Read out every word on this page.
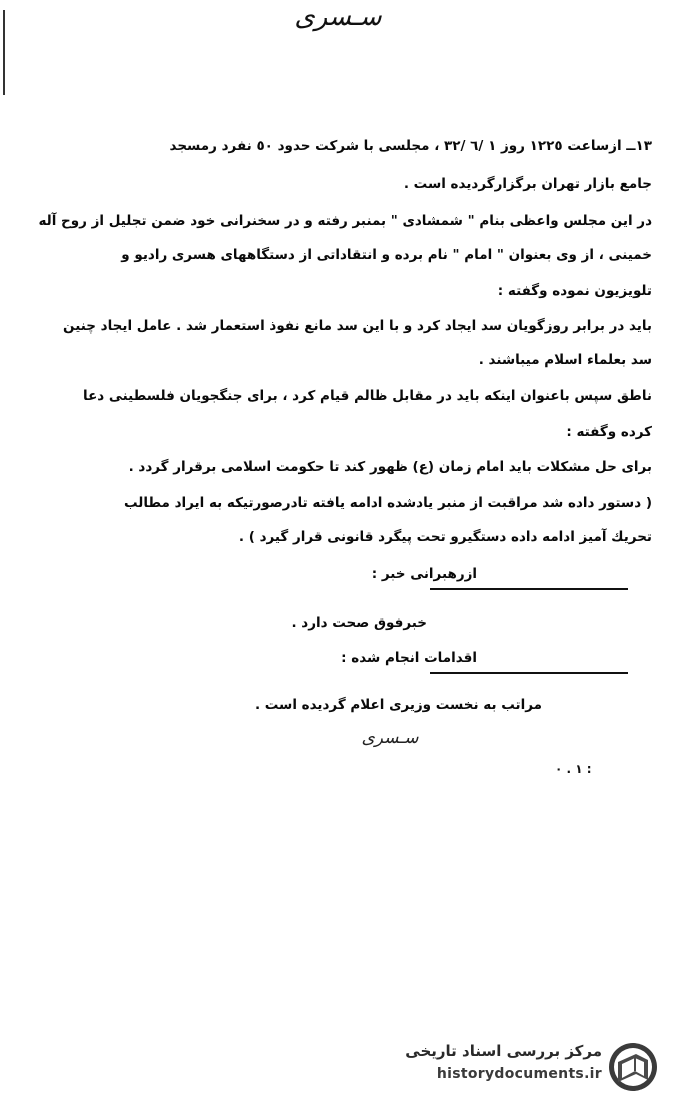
سـسرى
١٣ــ ازساعت ١٢٢٥ روز ١ /٦ /٣٢ ، مجلسى با شركت حدود ٥٠ نفرد رمسجد
جامع بازار تهران برگزارگرديده است .
در اين مجلس واعظى بنام " شمشادى " بمنبر رفته و در سخنرانى خود ضمن تجليل از روح آله
خمينى ، از وى بعنوان " امام " نام برده و انتقاداتى از دستگاههاى هسرى راديو و
تلويزيون نموده وگفته :
بايد در برابر روزگويان سد ايجاد كرد و با اين سد مانع نفوذ استعمار شد . عامل ايجاد چنين
سد بعلماء اسلام ميباشند .
ناطق سپس باعنوان اينكه بايد در مقابل ظالم قيام كرد ، براى جنگجويان فلسطينى دعا
كرده وگفته :
براى حل مشكلات بايد امام زمان (ع) ظهور كند تا حكومت اسلامى برقرار گردد .
( دستور داده شد مراقبت از منبر يادشده ادامه يافته تادرصورتيكه به ايراد مطالب
تحريك آميز ادامه داده دستگيرو تحت پيگرد قانونى قرار گيرد ) .
ازرهبرانى خبر :
خبرفوق صحت دارد .
اقدامات انجام شده :
مراتب به نخست وزيرى اعلام گرديده است .
سـسرى
١ . ٠ :
مرکز بررسی اسناد تاریخی
historydocuments.ir
